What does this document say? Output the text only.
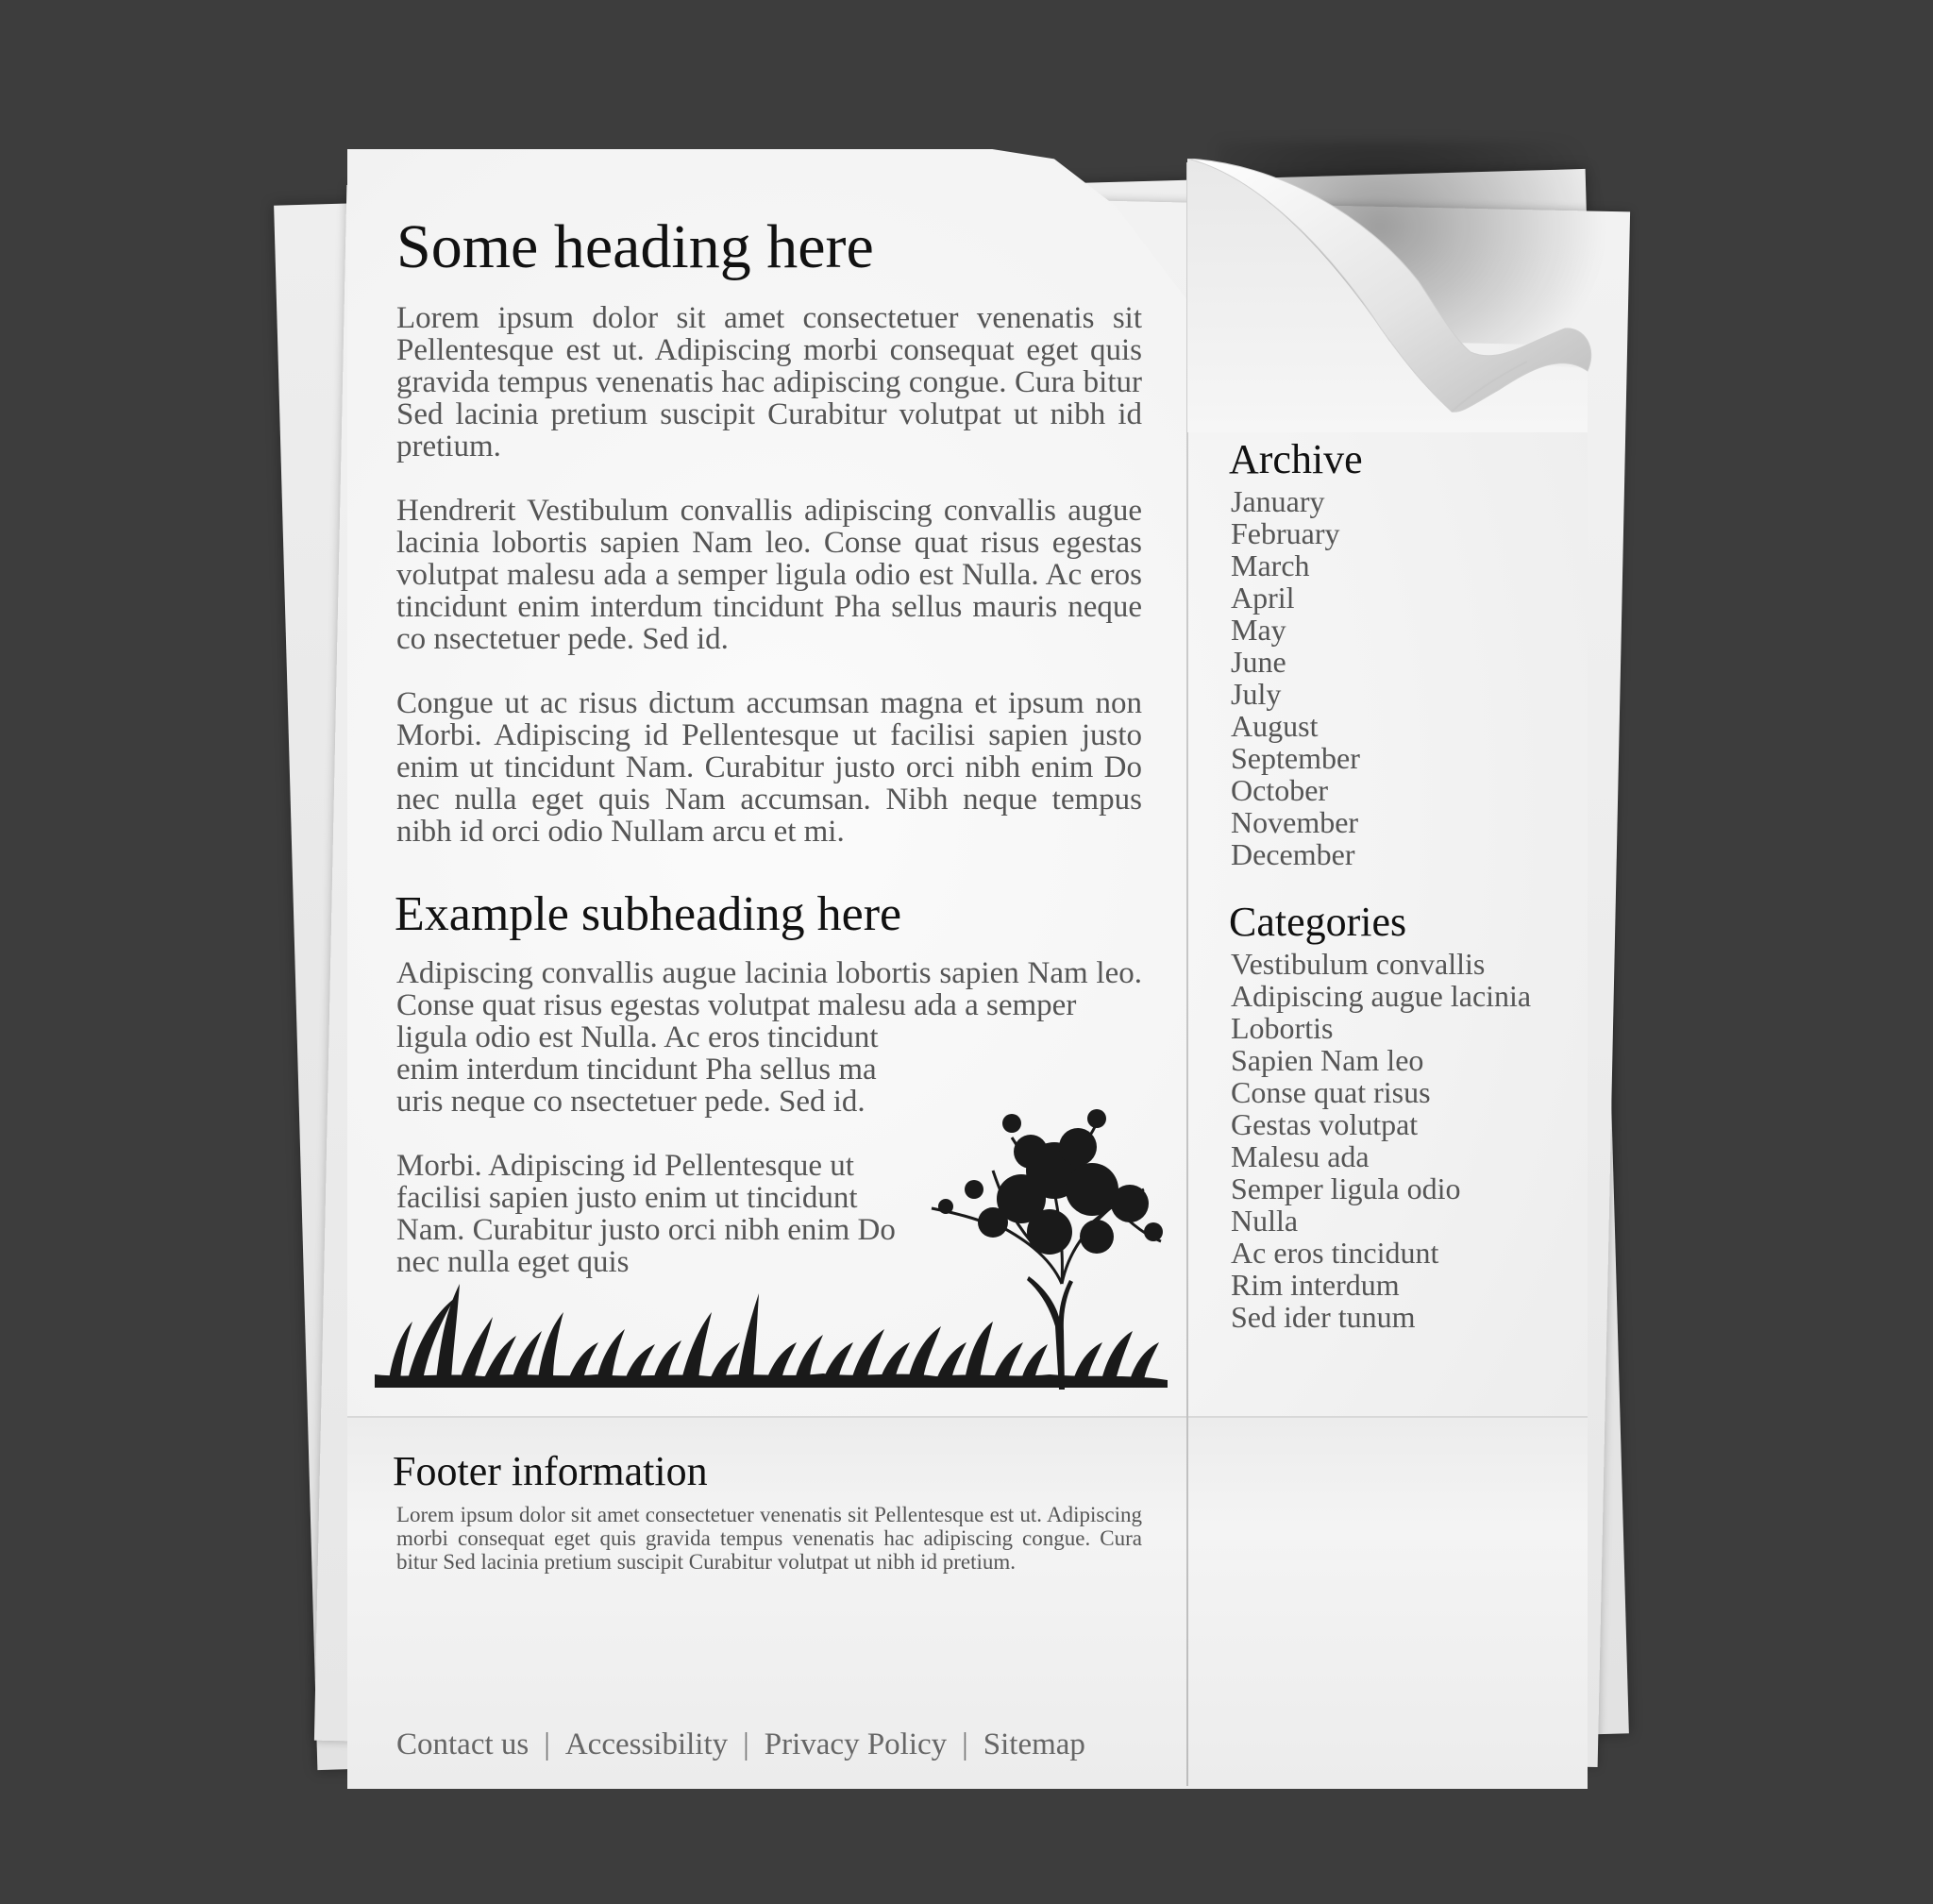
Some heading here

Lorem ipsum dolor sit amet consectetuer venenatis sit Pellentesque est ut. Adipiscing morbi consequat eget quis gravida tempus venenatis hac adipiscing congue. Cura bitur Sed lacinia pretium suscipit Curabitur volutpat ut nibh id pretium.

Hendrerit Vestibulum convallis adipiscing convallis augue lacinia lobortis sapien Nam leo. Conse quat risus egestas volutpat malesu ada a semper ligula odio est Nulla. Ac eros tincidunt enim interdum tincidunt Pha sellus mauris neque co nsectetuer pede. Sed id.

Congue ut ac risus dictum accumsan magna et ipsum non Morbi. Adipiscing id Pellentesque ut facilisi sapien justo enim ut tincidunt Nam. Curabitur justo orci nibh enim Do nec nulla eget quis Nam accumsan. Nibh neque tempus nibh id orci odio Nullam arcu et mi.

Example subheading here

Adipiscing convallis augue lacinia lobortis sapien Nam leo. Conse quat risus egestas volutpat malesu ada a semper

ligula odio est Nulla. Ac eros tincidunt enim interdum tincidunt Pha sellus ma uris neque co nsectetuer pede. Sed id.

Morbi. Adipiscing id Pellentesque ut facilisi sapien justo enim ut tincidunt Nam. Curabitur justo orci nibh enim Do nec nulla eget quis

Archive
January
February
March
April
May
June
July
August
September
October
November
December
Categories
Vestibulum convallis
Adipiscing augue lacinia
Lobortis
Sapien Nam leo
Conse quat risus
Gestas volutpat
Malesu ada
Semper ligula odio
Nulla
Ac eros tincidunt
Rim interdum
Sed ider tunum
Footer information

Lorem ipsum dolor sit amet consectetuer venenatis sit Pellentesque est ut. Adipiscing morbi consequat eget quis gravida tempus venenatis hac adipiscing congue. Cura bitur Sed lacinia pretium suscipit Curabitur volutpat ut nibh id pretium.

Contact us | Accessibility | Privacy Policy | Sitemap
